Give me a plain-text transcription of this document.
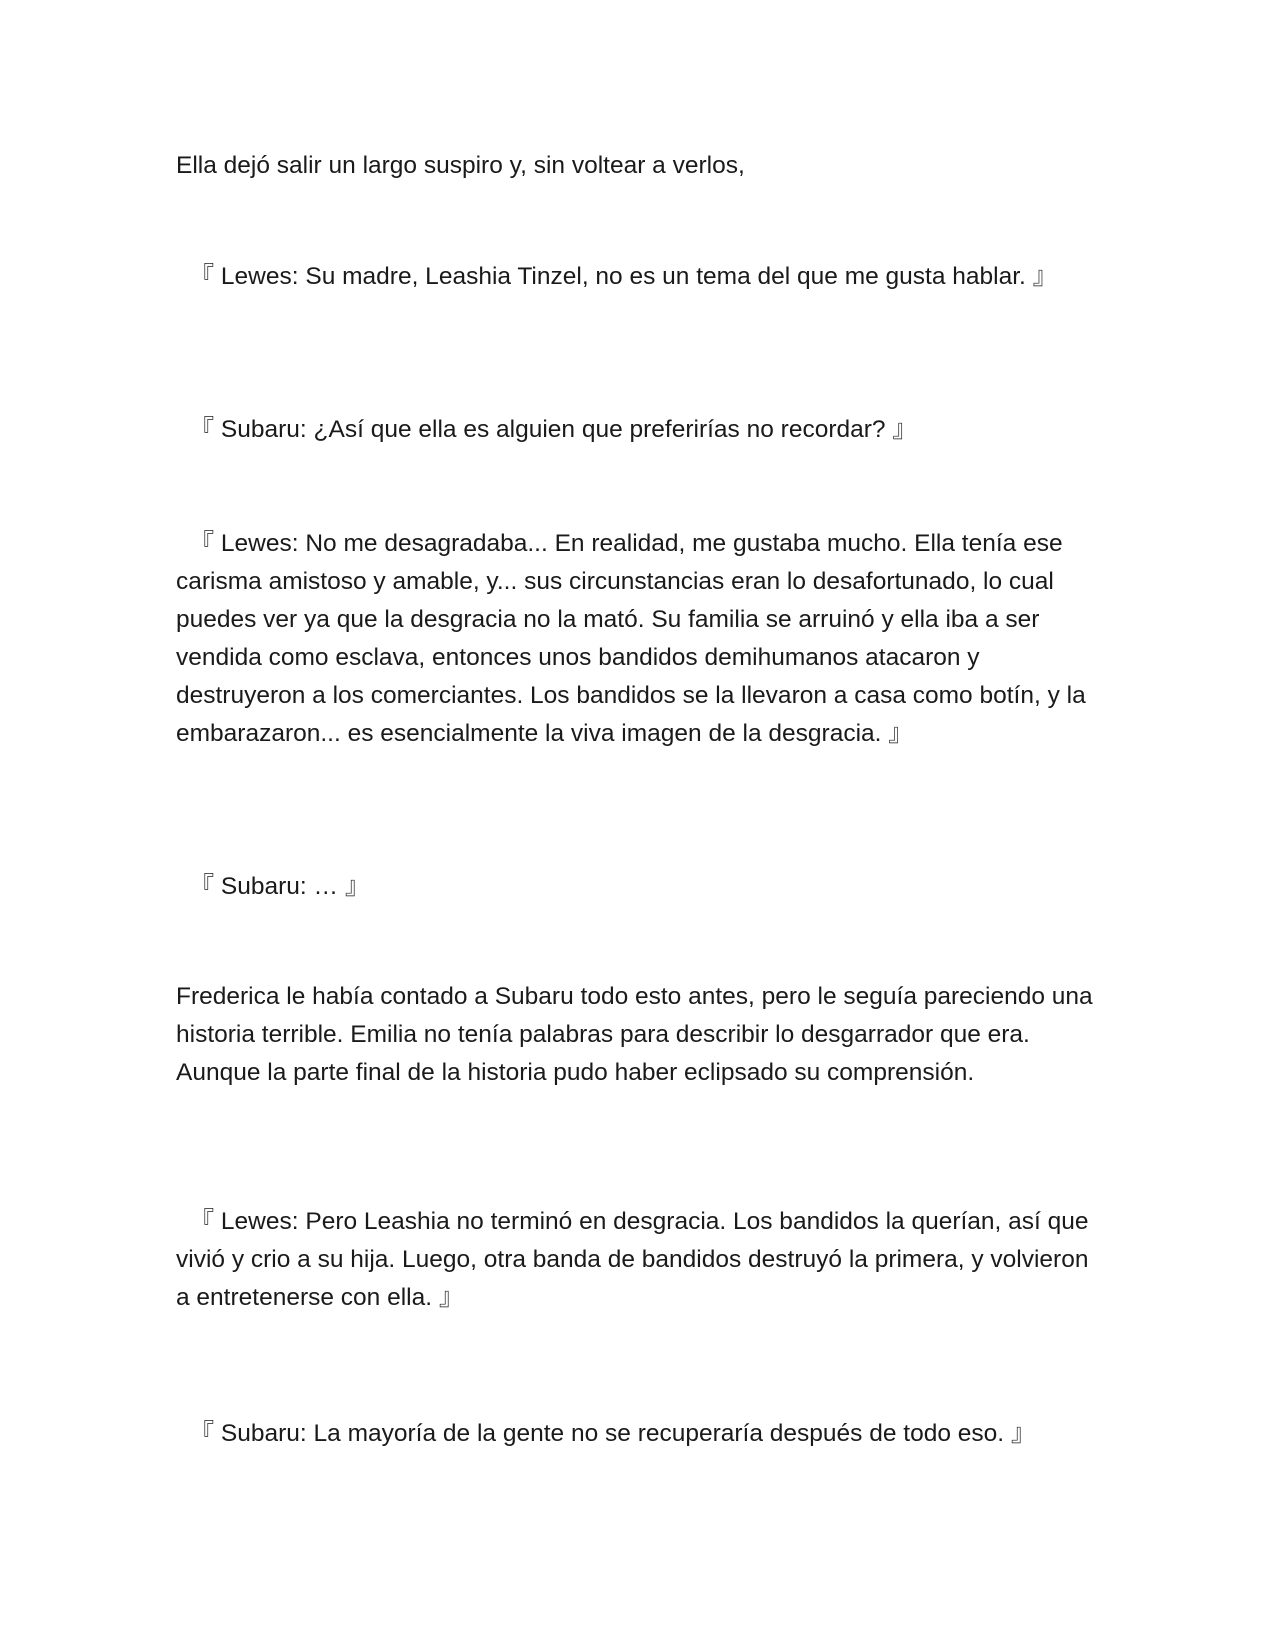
Ella dejó salir un largo suspiro y, sin voltear a verlos,

『 Lewes: Su madre, Leashia Tinzel, no es un tema del que me gusta hablar. 』

『 Subaru: ¿Así que ella es alguien que preferirías no recordar? 』

『 Lewes: No me desagradaba... En realidad, me gustaba mucho. Ella tenía ese carisma amistoso y amable, y... sus circunstancias eran lo desafortunado, lo cual puedes ver ya que la desgracia no la mató. Su familia se arruinó y ella iba a ser vendida como esclava, entonces unos bandidos demihumanos atacaron y destruyeron a los comerciantes. Los bandidos se la llevaron a casa como botín, y la embarazaron... es esencialmente la viva imagen de la desgracia. 』

『 Subaru: … 』

Frederica le había contado a Subaru todo esto antes, pero le seguía pareciendo una historia terrible. Emilia no tenía palabras para describir lo desgarrador que era. Aunque la parte final de la historia pudo haber eclipsado su comprensión.

『 Lewes: Pero Leashia no terminó en desgracia. Los bandidos la querían, así que vivió y crio a su hija. Luego, otra banda de bandidos destruyó la primera, y volvieron a entretenerse con ella. 』

『 Subaru: La mayoría de la gente no se recuperaría después de todo eso. 』
